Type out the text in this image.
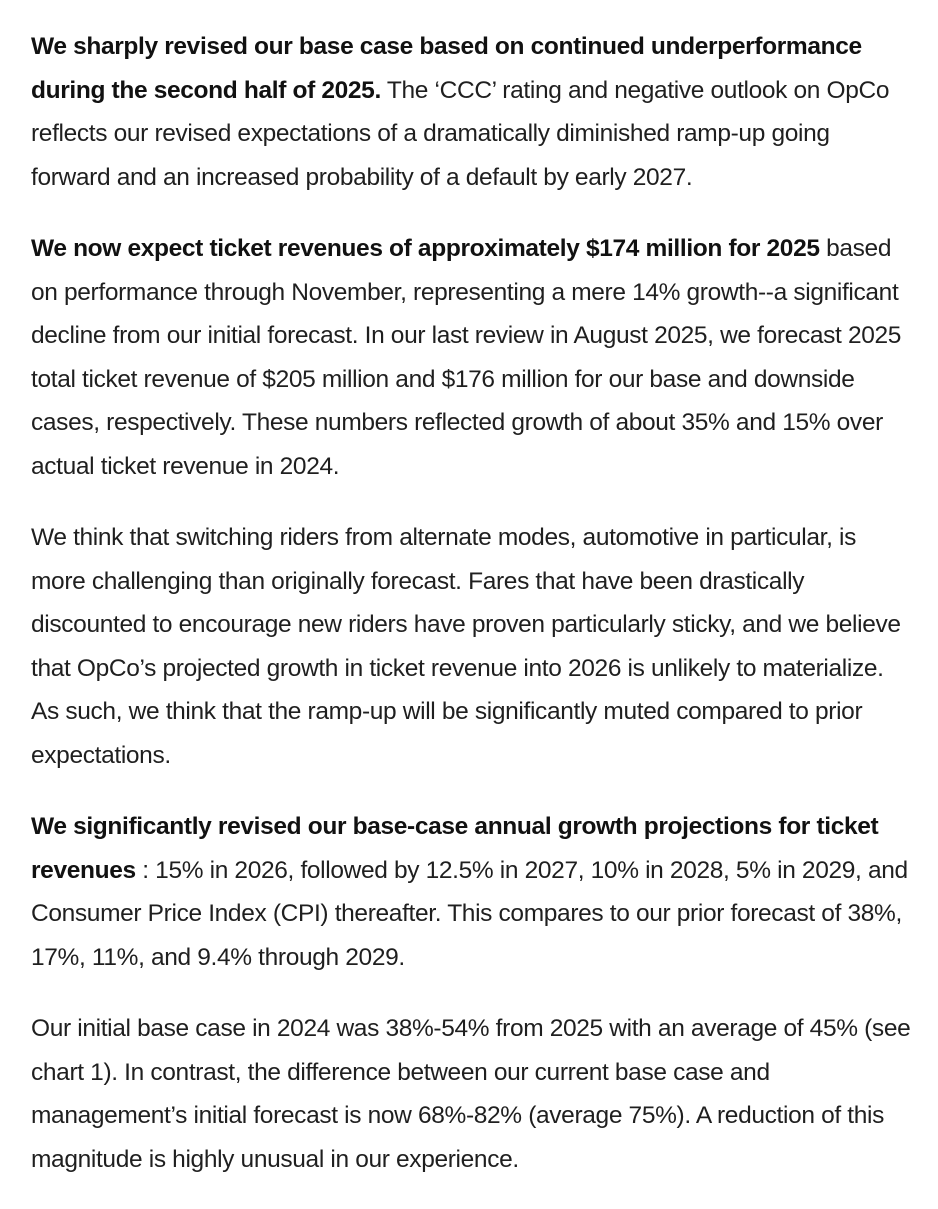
We sharply revised our base case based on continued underperformance during the second half of 2025. The ‘CCC’ rating and negative outlook on OpCo reflects our revised expectations of a dramatically diminished ramp-up going forward and an increased probability of a default by early 2027.

We now expect ticket revenues of approximately $174 million for 2025 based on performance through November, representing a mere 14% growth--a significant decline from our initial forecast. In our last review in August 2025, we forecast 2025 total ticket revenue of $205 million and $176 million for our base and downside cases, respectively. These numbers reflected growth of about 35% and 15% over actual ticket revenue in 2024.

We think that switching riders from alternate modes, automotive in particular, is more challenging than originally forecast. Fares that have been drastically discounted to encourage new riders have proven particularly sticky, and we believe that OpCo’s projected growth in ticket revenue into 2026 is unlikely to materialize. As such, we think that the ramp-up will be significantly muted compared to prior expectations.

We significantly revised our base-case annual growth projections for ticket revenues : 15% in 2026, followed by 12.5% in 2027, 10% in 2028, 5% in 2029, and Consumer Price Index (CPI) thereafter. This compares to our prior forecast of 38%, 17%, 11%, and 9.4% through 2029.

Our initial base case in 2024 was 38%-54% from 2025 with an average of 45% (see chart 1). In contrast, the difference between our current base case and management’s initial forecast is now 68%-82% (average 75%). A reduction of this magnitude is highly unusual in our experience.
